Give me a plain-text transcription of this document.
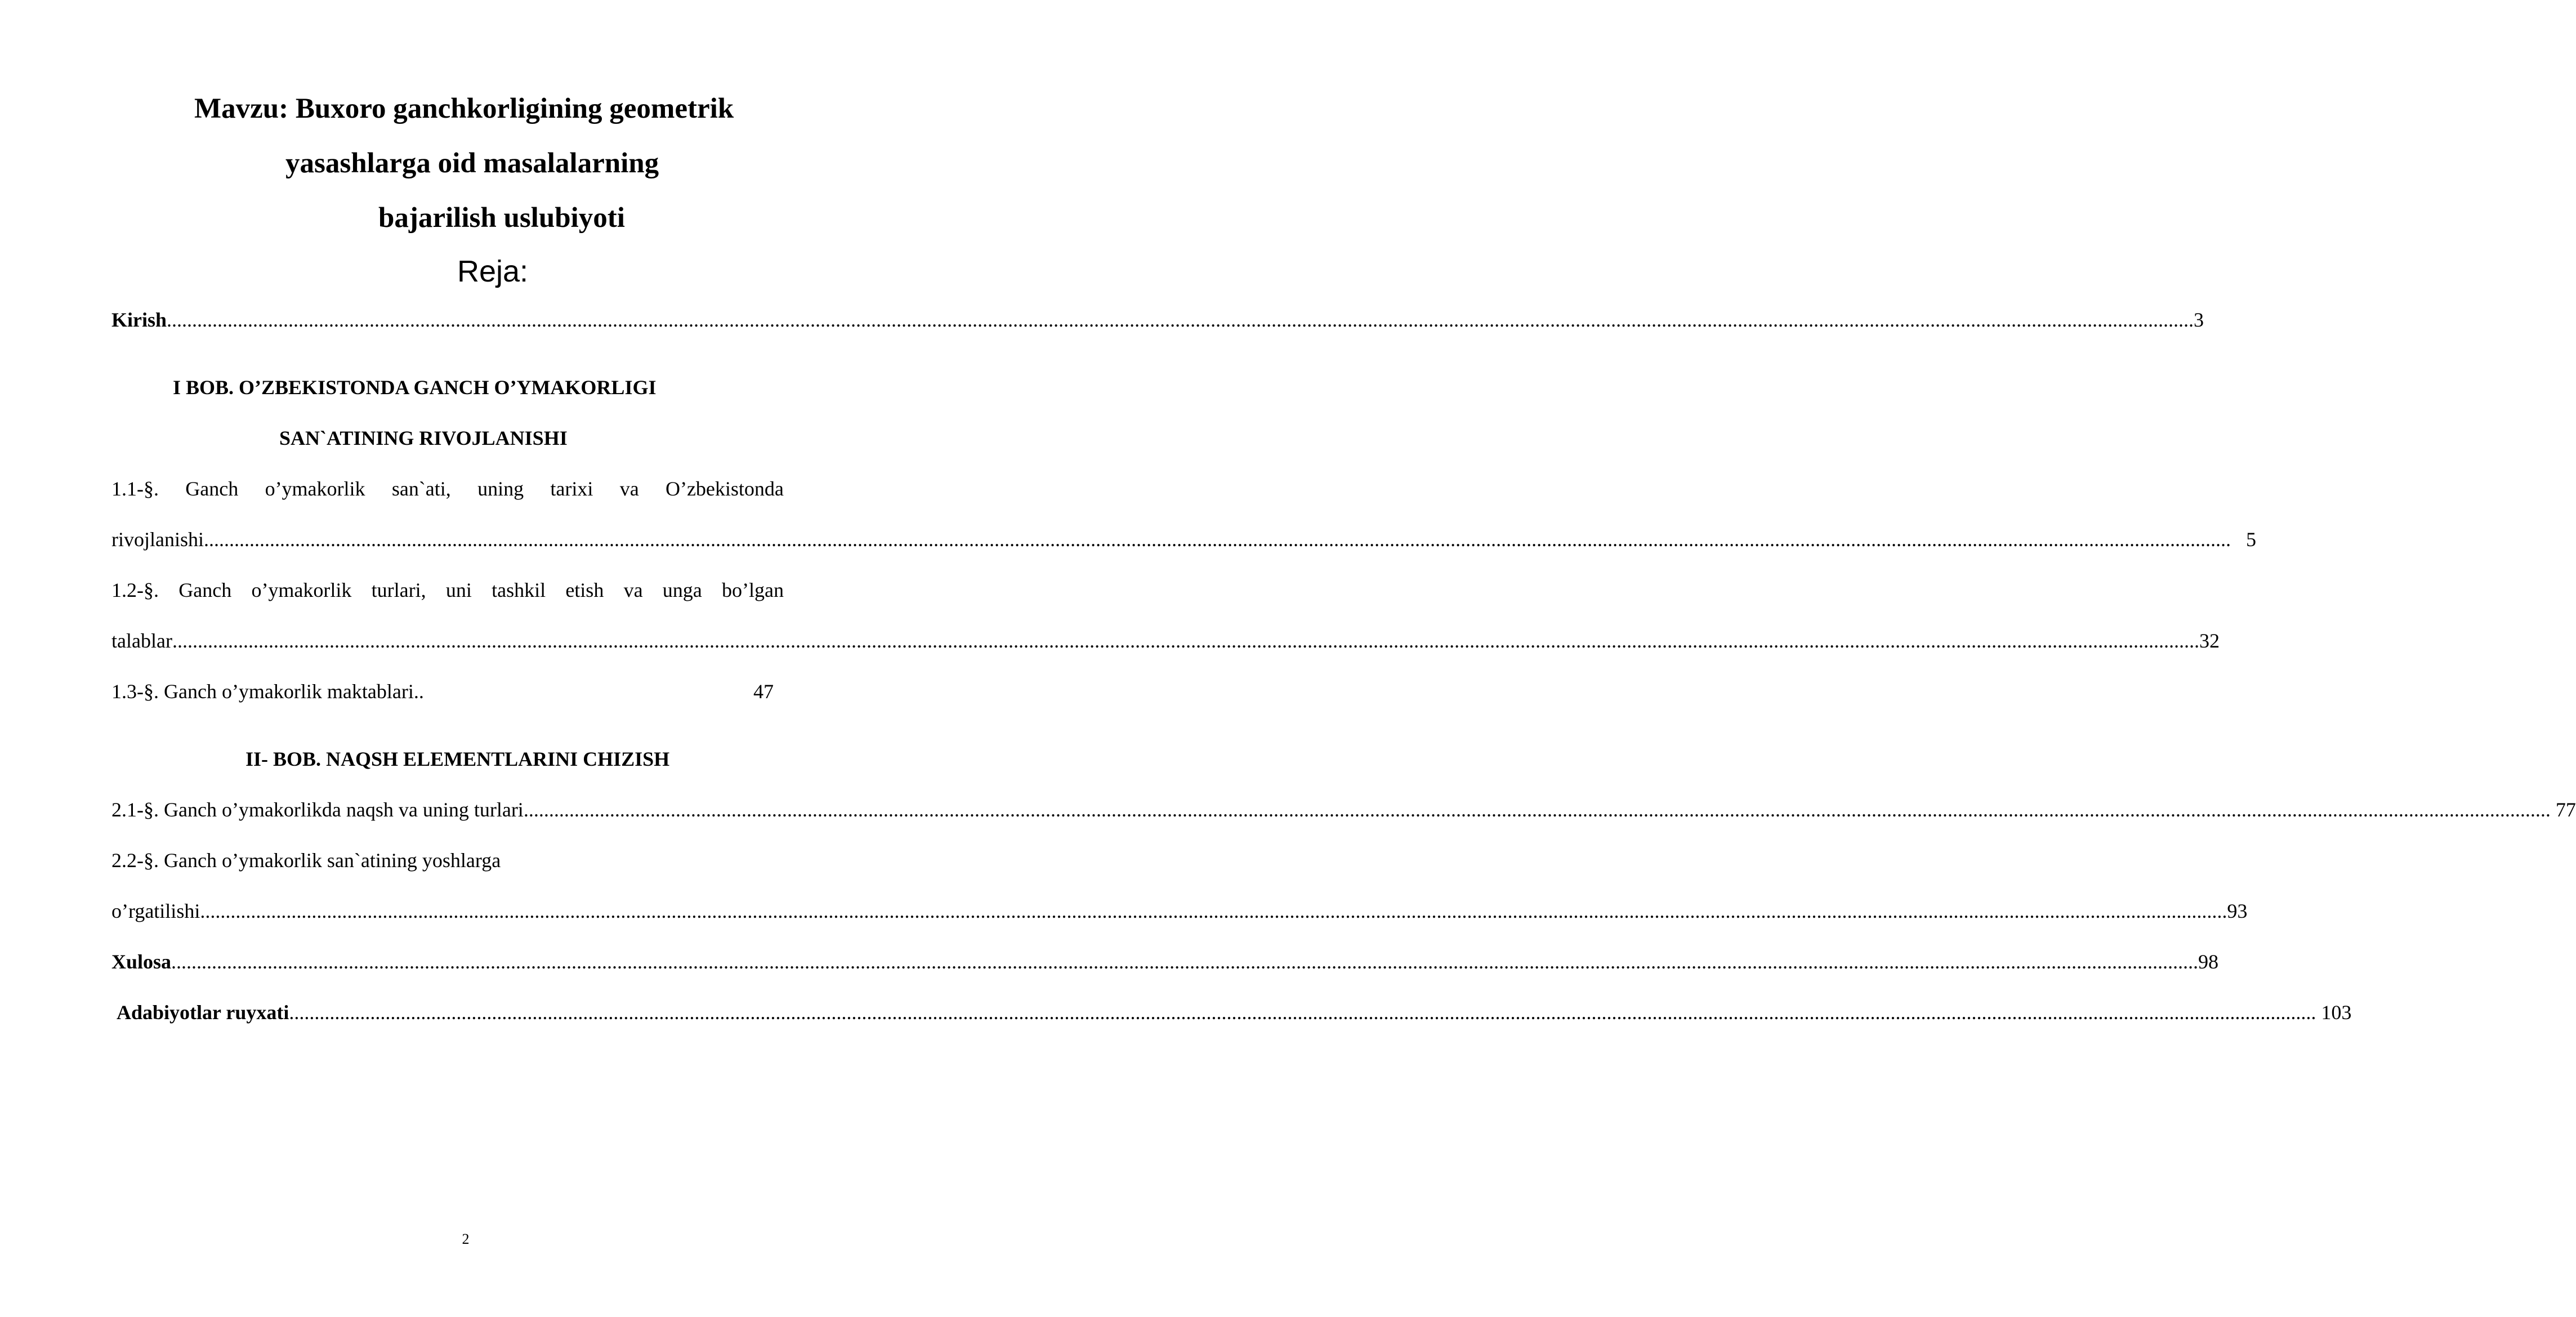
Mavzu: Buxoro ganchkorligining geometrik
yasashlarga oid masalalarning
bajarilish uslubiyoti
Reja:
Kirish ................................................................................................................................................................................................................................................................................................................................................................................................................ 3
I BOB. O’ZBEKISTONDA GANCH O’YMAKORLIGI
SAN`ATINING RIVOJLANISHI
1.1-§. Ganch o’ymakorlik san`ati, uning tarixi va O’zbekistonda
rivojlanishi ................................................................................................................................................................................................................................................................................................................................................................................................................ 5
1.2-§. Ganch o’ymakorlik turlari, uni tashkil etish va unga bo’lgan
talablar ................................................................................................................................................................................................................................................................................................................................................................................................................ 32
1.3-§. Ganch o’ymakorlik maktablari..	47
II- BOB. NAQSH ELEMENTLARINI CHIZISH
2.1-§. Ganch o’ymakorlikda naqsh va uning turlari ................................................................................................................................................................................................................................................................................................................................................................................................................ 77
2.2-§. Ganch o’ymakorlik san`atining yoshlarga
o’rgatilishi ................................................................................................................................................................................................................................................................................................................................................................................................................ 93
Xulosa ................................................................................................................................................................................................................................................................................................................................................................................................................ 98
Adabiyotlar ruyxati ................................................................................................................................................................................................................................................................................................................................................................................................................ 103
2
